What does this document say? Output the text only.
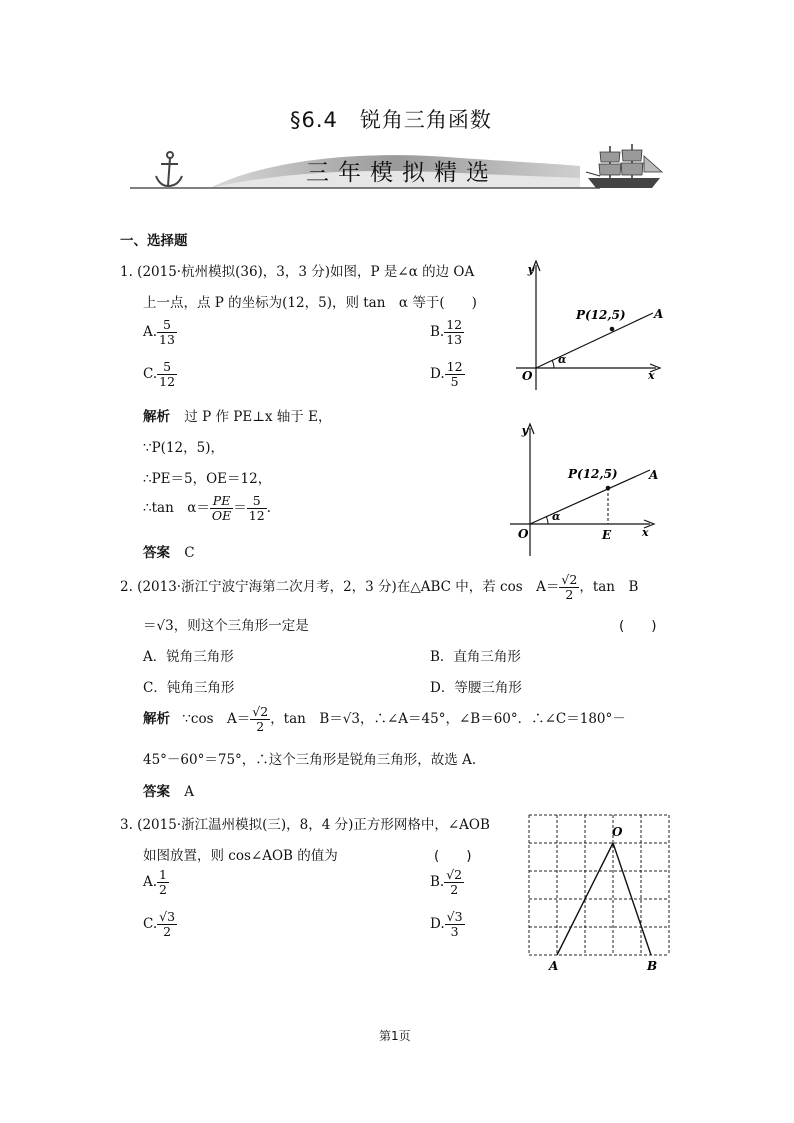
§6.4　锐角三角函数
三年模拟精选
一、选择题
1. (2015·杭州模拟(36)，3，3 分)如图，P 是∠α 的边 OA
上一点，点 P 的坐标为(12，5)，则 tan　α 等于(　　)
A. $\frac{5}{13}$	B. $\frac{12}{13}$
C. $\frac{5}{12}$	D. $\frac{12}{5}$
解析 过 P 作 PE⊥x 轴于 E，
∵P(12，5)，
∴PE＝5，OE＝12，
∴tan　$\alpha= \frac{PE}{OE} = \frac{5}{12}$ .
答案 C
y
x
O
A
P(12,5)
α
y
x
O
A
P(12,5)
α
E
2. (2013·浙江宁波宁海第二次月考，2，3 分)在△ABC 中，若 cos　$A= \frac{√2}{2}$ ，tan　B
＝√3，则这个三角形一定是	(　　)
A．锐角三角形	B．直角三角形
C．钝角三角形	D．等腰三角形
解析 ∵cos　$A= \frac{√2}{2}$ ，tan　B＝√3，∴∠A＝45°，∠B＝60°．∴∠C＝180°－
45°－60°＝75°，∴这个三角形是锐角三角形，故选 A.
答案 A
3. (2015·浙江温州模拟(三)，8，4 分)正方形网格中，∠AOB
如图放置，则 cos∠AOB 的值为	(　　)
A. $\frac{1}{2}$	B. $\frac{√2}{2}$
C. $\frac{√3}{2}$	D. $\frac{√3}{3}$
O
A	B
第1页
